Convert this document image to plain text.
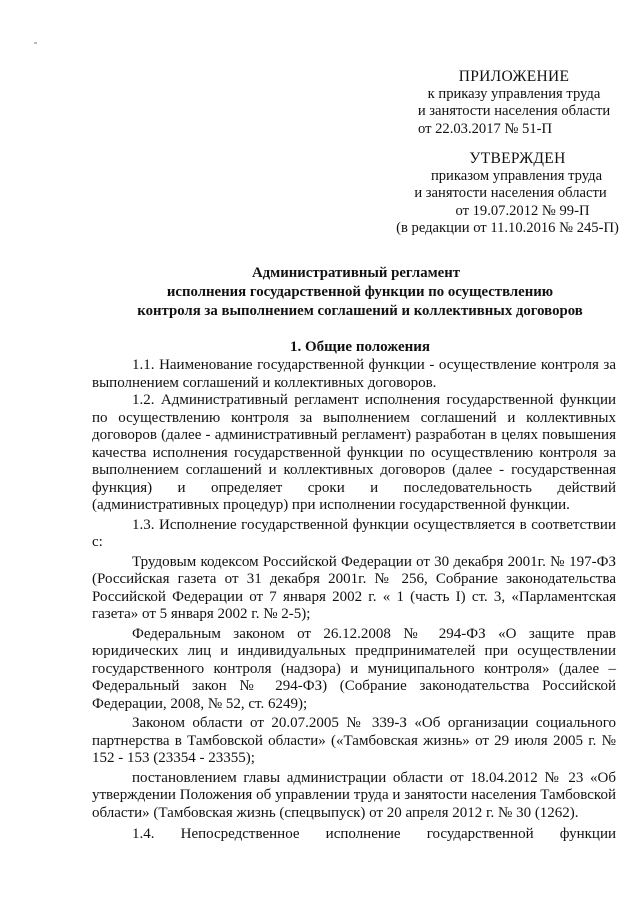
ПРИЛОЖЕНИЕ
к приказу управления труда
и занятости населения области
от 22.03.2017 № 51-П
УТВЕРЖДЕН
приказом управления труда
и занятости населения области
от 19.07.2012 № 99-П
(в редакции от 11.10.2016 № 245-П)
Административный регламент
исполнения государственной функции по осуществлению
контроля за выполнением соглашений и коллективных договоров
1. Общие положения

1.1. Наименование государственной функции - осуществление контроля за выполнением соглашений и коллективных договоров.

1.2. Административный регламент исполнения государственной функции по осуществлению контроля за выполнением соглашений и коллективных договоров (далее - административный регламент) разработан в целях повышения качества исполнения государственной функции по осуществлению контроля за выполнением соглашений и коллективных договоров (далее - государственная функция) и определяет сроки и последовательность действий (административных процедур) при исполнении государственной функции.

1.3. Исполнение государственной функции осуществляется в соответствии с:

Трудовым кодексом Российской Федерации от 30 декабря 2001г. № 197-ФЗ (Российская газета от 31 декабря 2001г. № 256, Собрание законодательства Российской Федерации от 7 января 2002 г. « 1 (часть I) ст. 3, «Парламентская газета» от 5 января 2002 г. № 2-5);

Федеральным законом от 26.12.2008 № 294-ФЗ «О защите прав юридических лиц и индивидуальных предпринимателей при осуществлении государственного контроля (надзора) и муниципального контроля» (далее – Федеральный закон № 294-ФЗ) (Собрание законодательства Российской Федерации, 2008, № 52, ст. 6249);

Законом области от 20.07.2005 № 339-З «Об организации социального партнерства в Тамбовской области» («Тамбовская жизнь» от 29 июля 2005 г. № 152 - 153 (23354 - 23355);

постановлением главы администрации области от 18.04.2012 № 23 «Об утверждении Положения об управлении труда и занятости населения Тамбовской области» (Тамбовская жизнь (спецвыпуск) от 20 апреля 2012 г. № 30 (1262).

1.4. Непосредственное исполнение государственной функции
